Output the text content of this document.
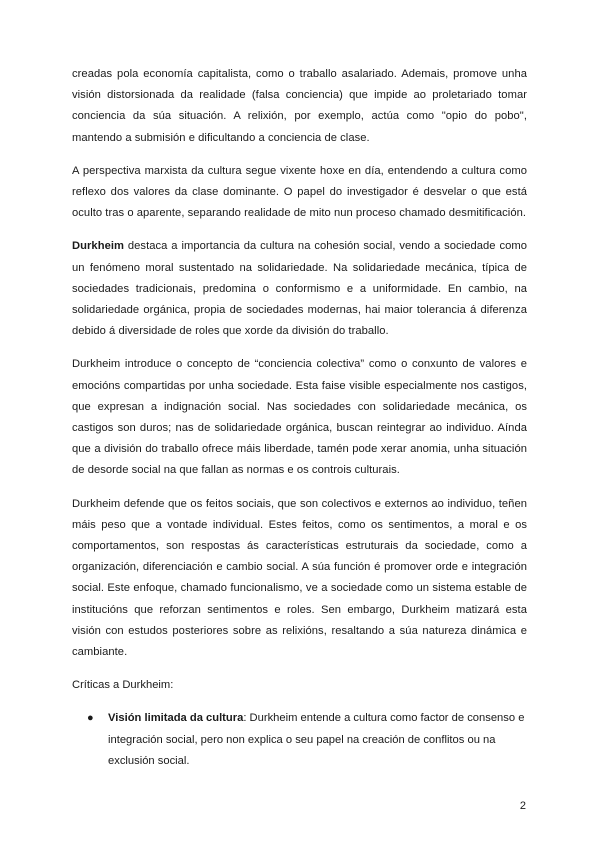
creadas pola economía capitalista, como o traballo asalariado. Ademais, promove unha visión distorsionada da realidade (falsa conciencia) que impide ao proletariado tomar conciencia da súa situación. A relixión, por exemplo, actúa como "opio do pobo", mantendo a submisión e dificultando a conciencia de clase.

A perspectiva marxista da cultura segue vixente hoxe en día, entendendo a cultura como reflexo dos valores da clase dominante. O papel do investigador é desvelar o que está oculto tras o aparente, separando realidade de mito nun proceso chamado desmitificación.

Durkheim destaca a importancia da cultura na cohesión social, vendo a sociedade como un fenómeno moral sustentado na solidariedade. Na solidariedade mecánica, típica de sociedades tradicionais, predomina o conformismo e a uniformidade. En cambio, na solidariedade orgánica, propia de sociedades modernas, hai maior tolerancia á diferenza debido á diversidade de roles que xorde da división do traballo.

Durkheim introduce o concepto de “conciencia colectiva” como o conxunto de valores e emocións compartidas por unha sociedade. Esta faise visible especialmente nos castigos, que expresan a indignación social. Nas sociedades con solidariedade mecánica, os castigos son duros; nas de solidariedade orgánica, buscan reintegrar ao individuo. Aínda que a división do traballo ofrece máis liberdade, tamén pode xerar anomia, unha situación de desorde social na que fallan as normas e os controis culturais.

Durkheim defende que os feitos sociais, que son colectivos e externos ao individuo, teñen máis peso que a vontade individual. Estes feitos, como os sentimentos, a moral e os comportamentos, son respostas ás características estruturais da sociedade, como a organización, diferenciación e cambio social. A súa función é promover orde e integración social. Este enfoque, chamado funcionalismo, ve a sociedade como un sistema estable de institucións que reforzan sentimentos e roles. Sen embargo, Durkheim matizará esta visión con estudos posteriores sobre as relixións, resaltando a súa natureza dinámica e cambiante.

Críticas a Durkheim:

● Visión limitada da cultura: Durkheim entende a cultura como factor de consenso e integración social, pero non explica o seu papel na creación de conflitos ou na exclusión social.
2
